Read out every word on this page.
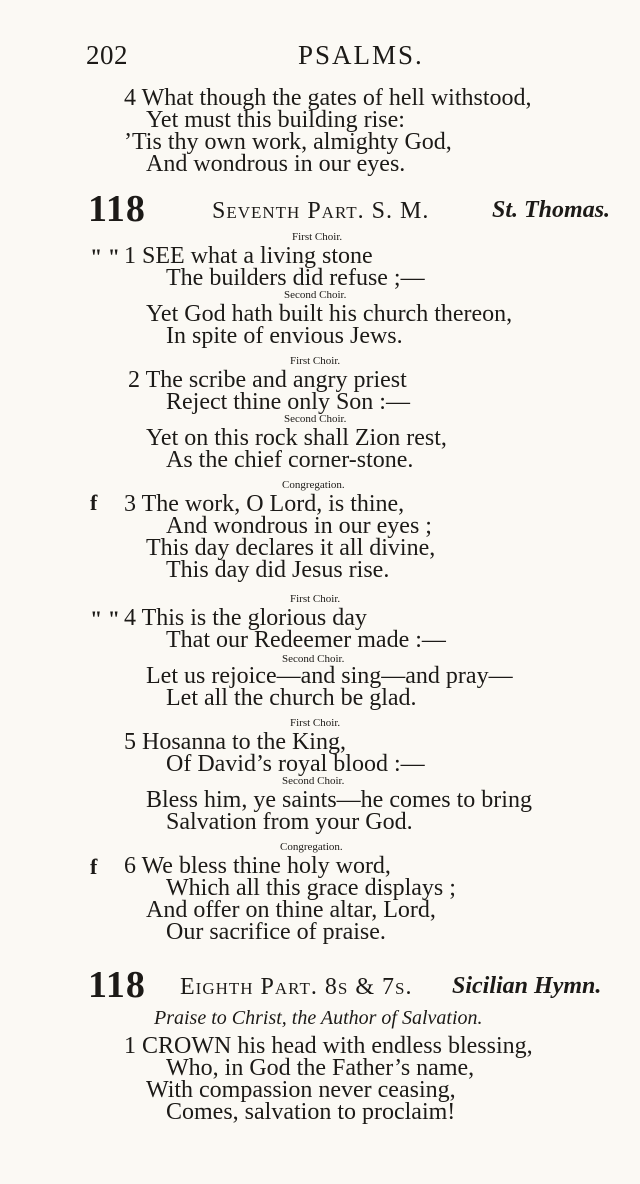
202	PSALMS.
4 What though the gates of hell withstood,
Yet must this building rise:
’Tis thy own work, almighty God,
And wondrous in our eyes.
118	Seventh Part. S. M.	St. Thomas.
" "
First Choir.
1 SEE what a living stone
The builders did refuse ;—
Second Choir.
Yet God hath built his church thereon,
In spite of envious Jews.
First Choir.
2 The scribe and angry priest
Reject thine only Son :—
Second Choir.
Yet on this rock shall Zion rest,
As the chief corner-stone.
Congregation.
f 3 The work, O Lord, is thine,
And wondrous in our eyes ;
This day declares it all divine,
This day did Jesus rise.
First Choir.
" " 4 This is the glorious day
That our Redeemer made :—
Second Choir.
Let us rejoice—and sing—and pray—
Let all the church be glad.
First Choir.
5 Hosanna to the King,
Of David’s royal blood :—
Second Choir.
Bless him, ye saints—he comes to bring
Salvation from your God.
Congregation.
f 6 We bless thine holy word,
Which all this grace displays ;
And offer on thine altar, Lord,
Our sacrifice of praise.
118 Eighth Part. 8s & 7s. Sicilian Hymn.
Praise to Christ, the Author of Salvation.
1 CROWN his head with endless blessing,
Who, in God the Father’s name,
With compassion never ceasing,
Comes, salvation to proclaim!
